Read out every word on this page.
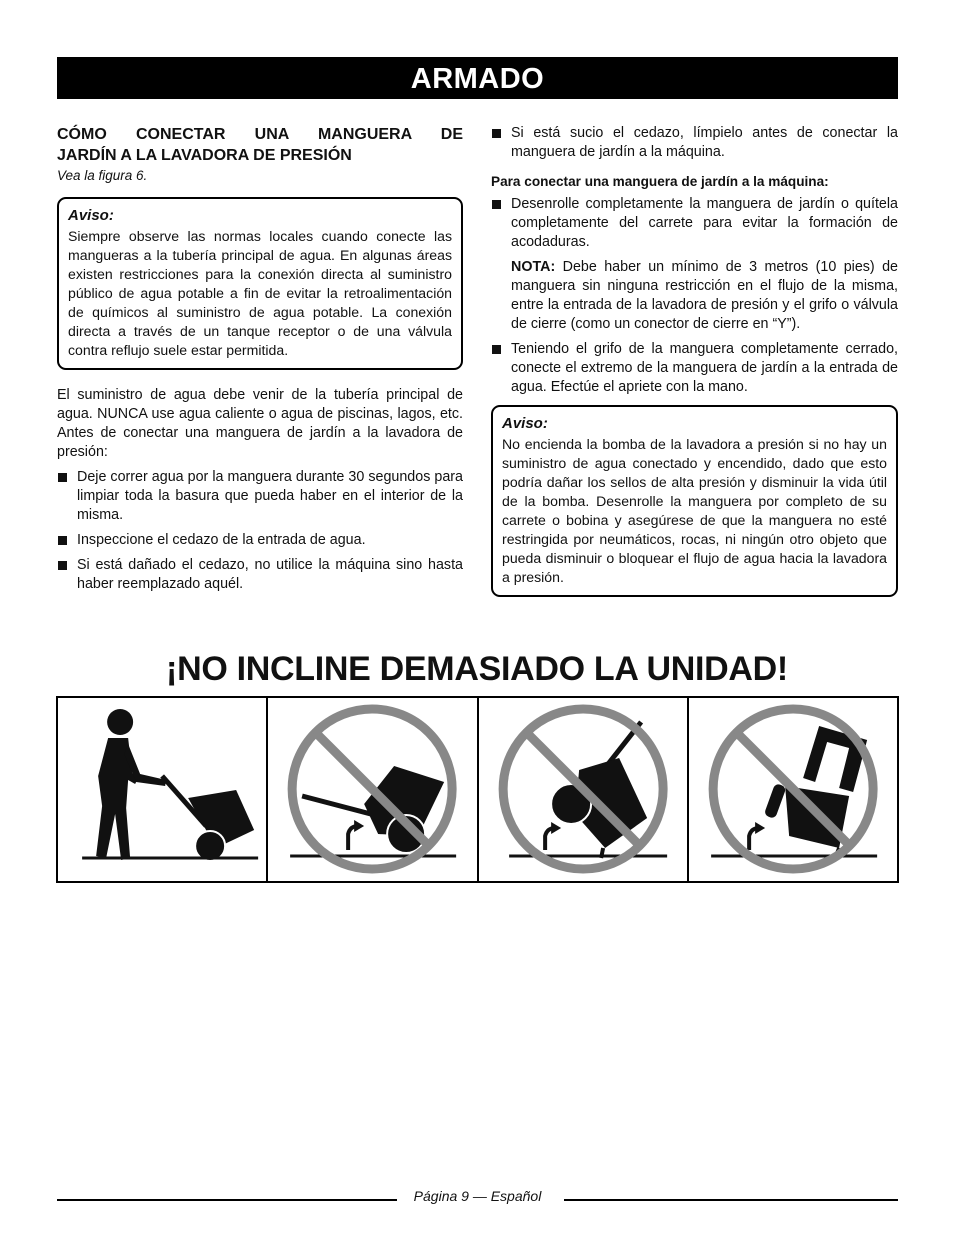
ARMADO
CÓMO CONECTAR UNA MANGUERA DE
JARDÍN A LA LAVADORA DE PRESIÓN
Vea la figura 6.
Aviso:
Siempre observe las normas locales cuando conecte las mangueras a la tubería principal de agua. En algunas áreas existen restricciones para la conexión directa al suministro público de agua potable a fin de evitar la retroalimentación de químicos al suministro de agua potable. La conexión directa a través de un tanque receptor o de una válvula contra reflujo suele estar permitida.

El suministro de agua debe venir de la tubería principal de agua. NUNCA use agua caliente o agua de piscinas, lagos, etc. Antes de conectar una manguera de jardín a la lavadora de presión:

Deje correr agua por la manguera durante 30 segundos para limpiar toda la basura que pueda haber en el interior de la misma.
Inspeccione el cedazo de la entrada de agua.
Si está dañado el cedazo, no utilice la máquina sino hasta haber reemplazado aquél.
Si está sucio el cedazo, límpielo antes de conectar la manguera de jardín a la máquina.
Para conectar una manguera de jardín a la máquina:
Desenrolle completamente la manguera de jardín o quítela completamente del carrete para evitar la formación de acodaduras.
NOTA: Debe haber un mínimo de 3 metros (10 pies) de manguera sin ninguna restricción en el flujo de la misma, entre la entrada de la lavadora de presión y el grifo o válvula de cierre (como un conector de cierre en “Y”).
Teniendo el grifo de la manguera completamente cerrado, conecte el extremo de la manguera de jardín a la entrada de agua. Efectúe el apriete con la mano.
Aviso:
No encienda la bomba de la lavadora a presión si no hay un suministro de agua conectado y encendido, dado que esto podría dañar los sellos de alta presión y disminuir la vida útil de la bomba. Desenrolle la manguera por completo de su carrete o bobina y asegúrese de que la manguera no esté restringida por neumáticos, rocas, ni ningún otro objeto que pueda disminuir o bloquear el flujo de agua hacia la lavadora a presión.
¡NO INCLINE DEMASIADO LA UNIDAD!
Página 9 — Español
